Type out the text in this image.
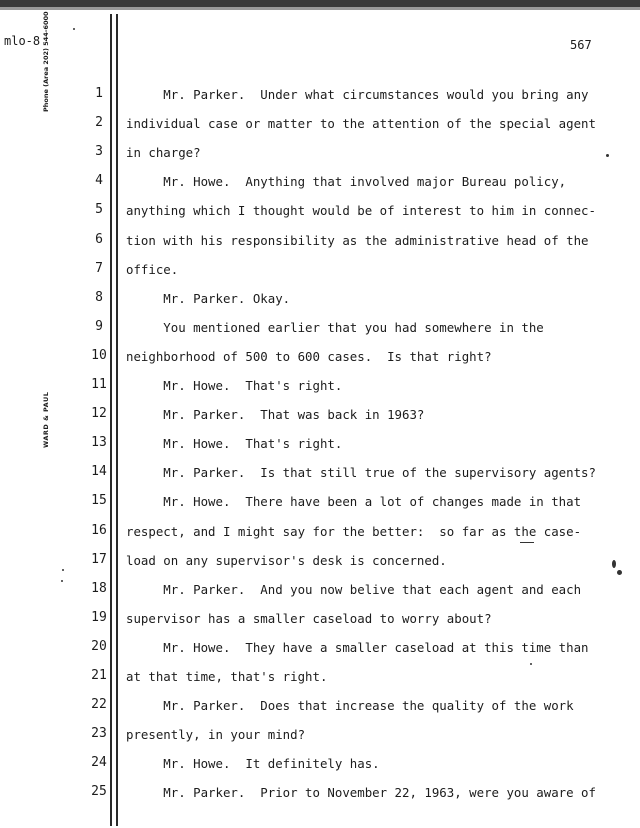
mlo-8	567
Phone (Area 202) 544-6000
WARD & PAUL
1	Mr. Parker.  Under what circumstances would you bring any
2	individual case or matter to the attention of the special agent
3	in charge?
4	Mr. Howe.  Anything that involved major Bureau policy,
5	anything which I thought would be of interest to him in connec-
6	tion with his responsibility as the administrative head of the
7	office.
8	Mr. Parker. Okay.
9	You mentioned earlier that you had somewhere in the
10	neighborhood of 500 to 600 cases.  Is that right?
11	Mr. Howe.  That's right.
12	Mr. Parker.  That was back in 1963?
13	Mr. Howe.  That's right.
14	Mr. Parker.  Is that still true of the supervisory agents?
15	Mr. Howe.  There have been a lot of changes made in that
16	respect, and I might say for the better:  so far as the case-
17	load on any supervisor's desk is concerned.
18	Mr. Parker.  And you now belive that each agent and each
19	supervisor has a smaller caseload to worry about?
20	Mr. Howe.  They have a smaller caseload at this time than
21	at that time, that's right.
22	Mr. Parker.  Does that increase the quality of the work
23	presently, in your mind?
24	Mr. Howe.  It definitely has.
25	Mr. Parker.  Prior to November 22, 1963, were you aware of
